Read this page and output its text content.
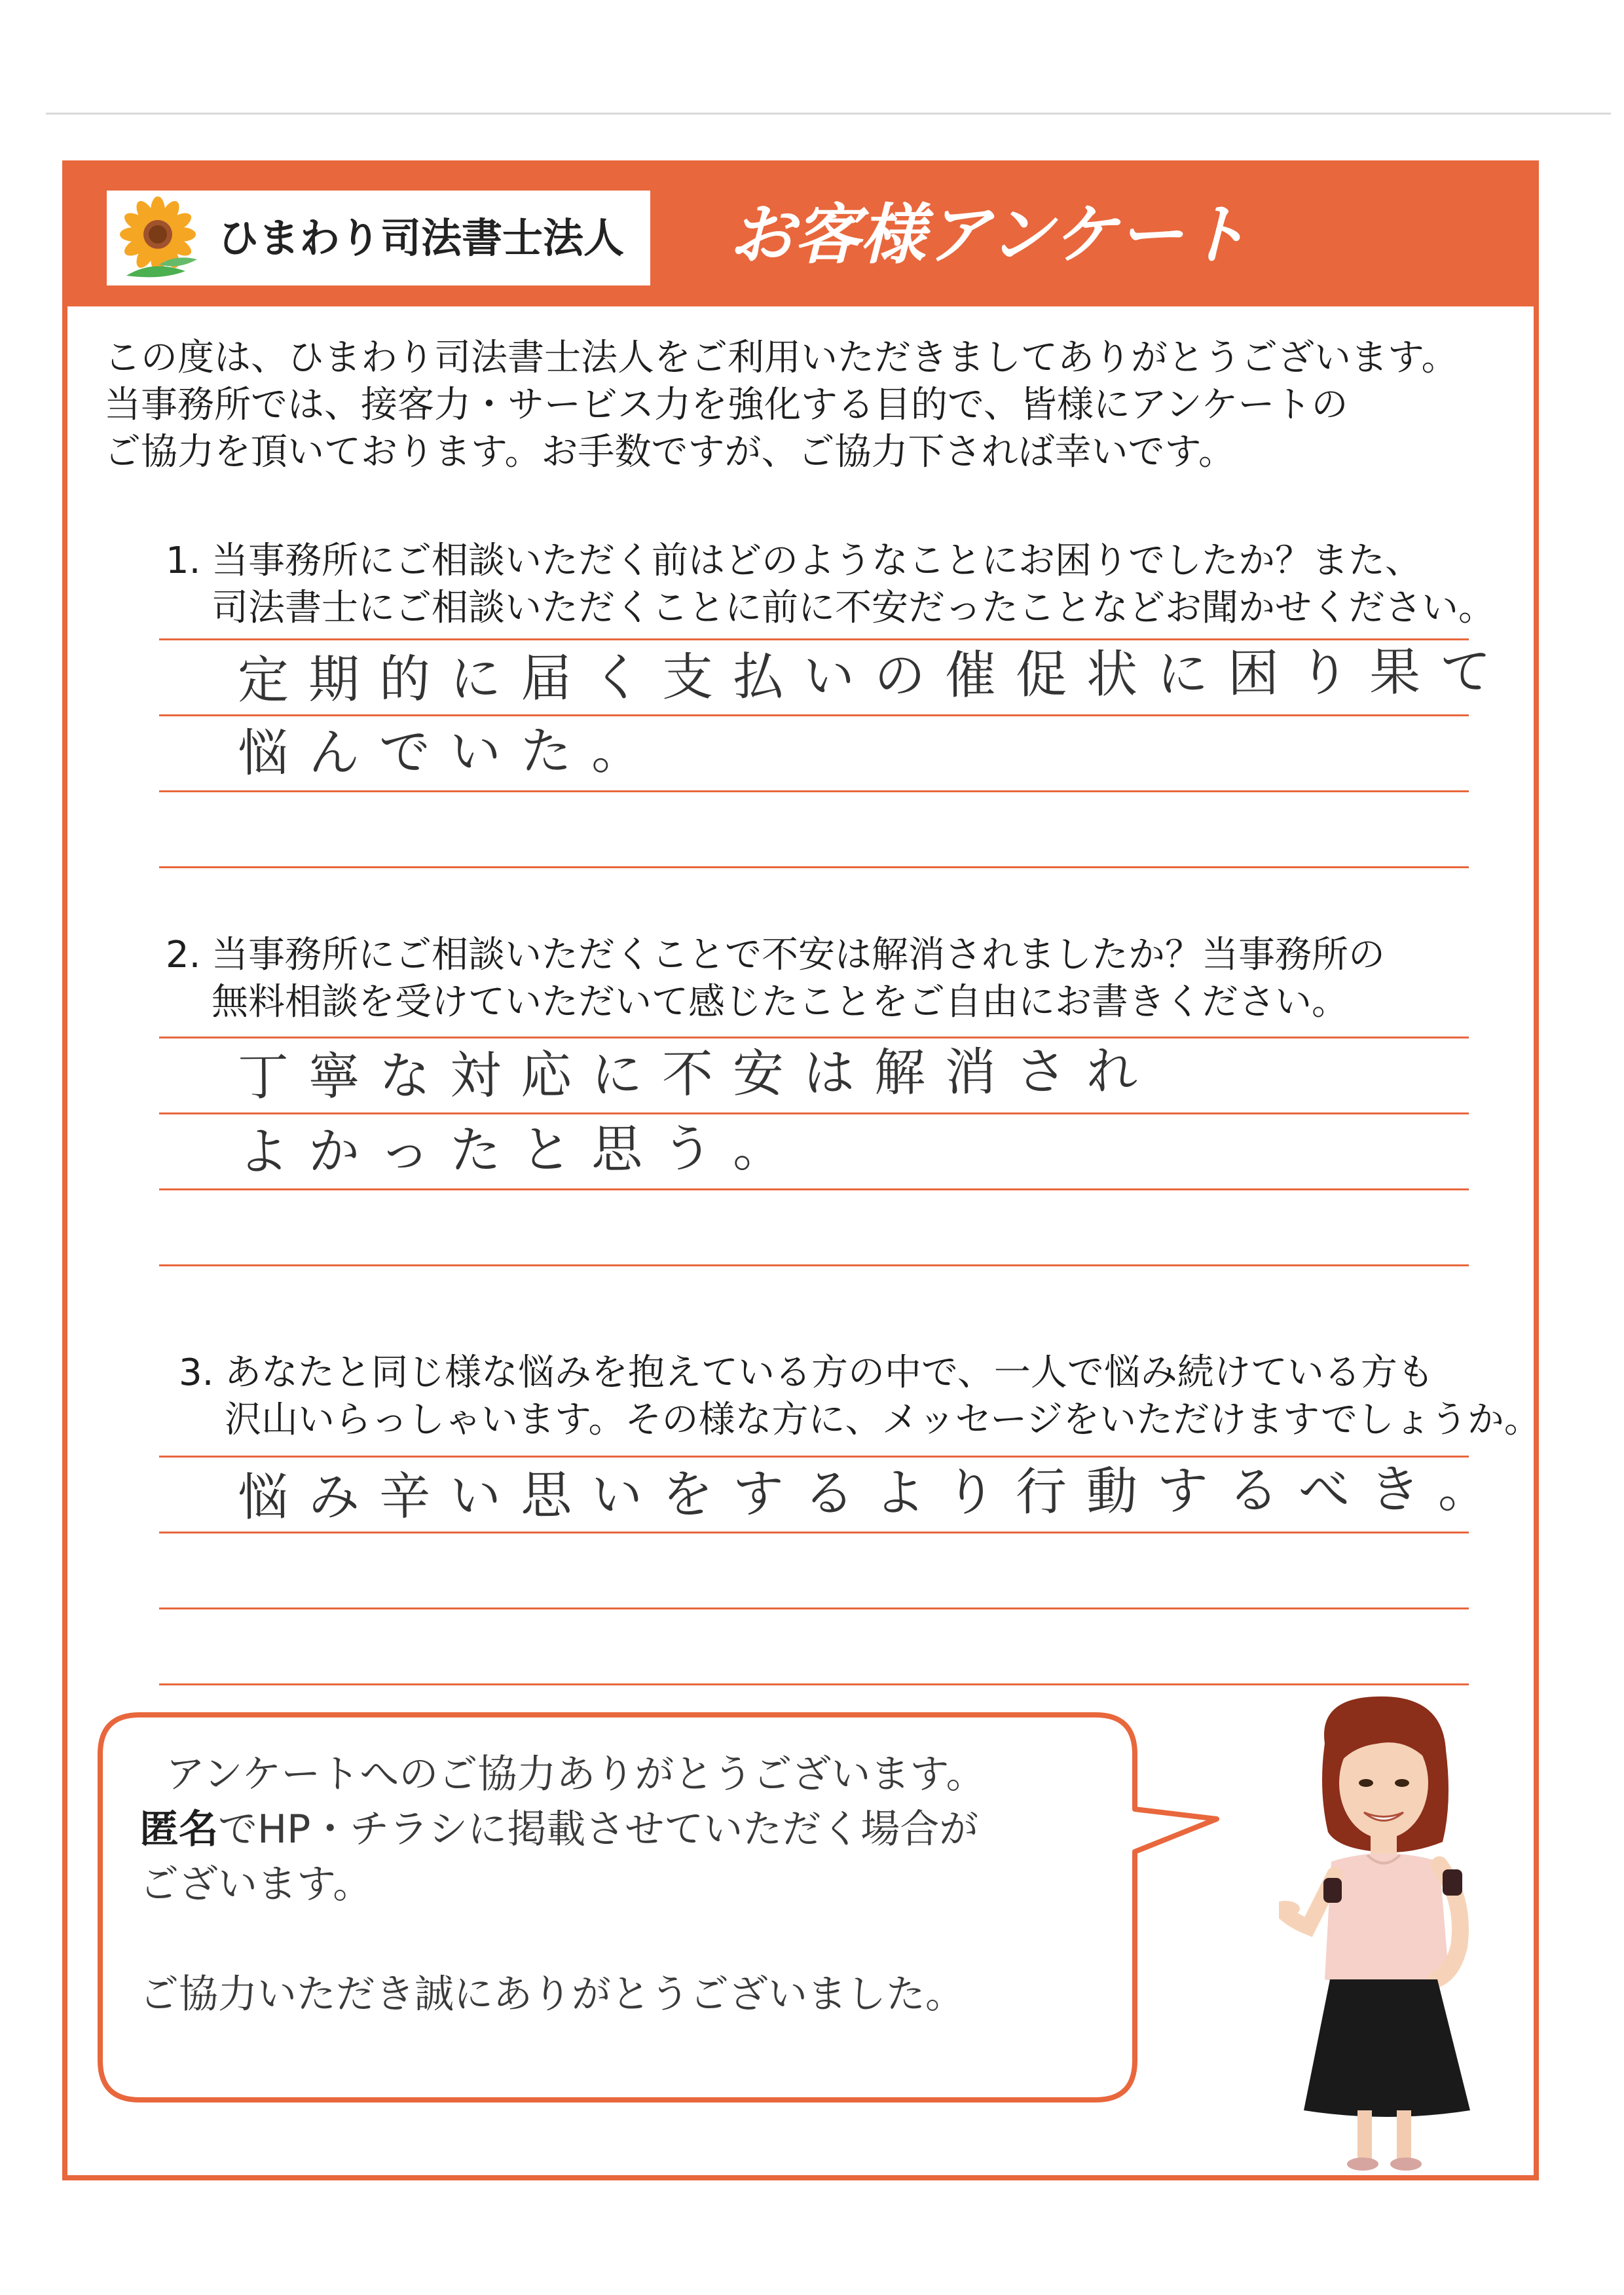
ひまわり司法書士法人 お客様アンケート

この度は、ひまわり司法書士法人をご利用いただきましてありがとうございます。

当事務所では、接客力・サービス力を強化する目的で、皆様にアンケートの

ご協力を頂いております。お手数ですが、ご協力下されば幸いです。

1. 当事務所にご相談いただく前はどのようなことにお困りでしたか？また、
司法書士にご相談いただくことに前に不安だったことなどお聞かせください。
定期的に届く支払いの催促状に困り果て
悩んでいた。
2. 当事務所にご相談いただくことで不安は解消されましたか？当事務所の
無料相談を受けていただいて感じたことをご自由にお書きください。
丁寧な対応に不安は解消され
よかったと思う。
3. あなたと同じ様な悩みを抱えている方の中で、一人で悩み続けている方も
沢山いらっしゃいます。その様な方に、メッセージをいただけますでしょうか。
悩み辛い思いをするより行動するべき。

アンケートへのご協力ありがとうございます。

匿名でHP・チラシに掲載させていただく場合が

ございます。

ご協力いただき誠にありがとうございました。
